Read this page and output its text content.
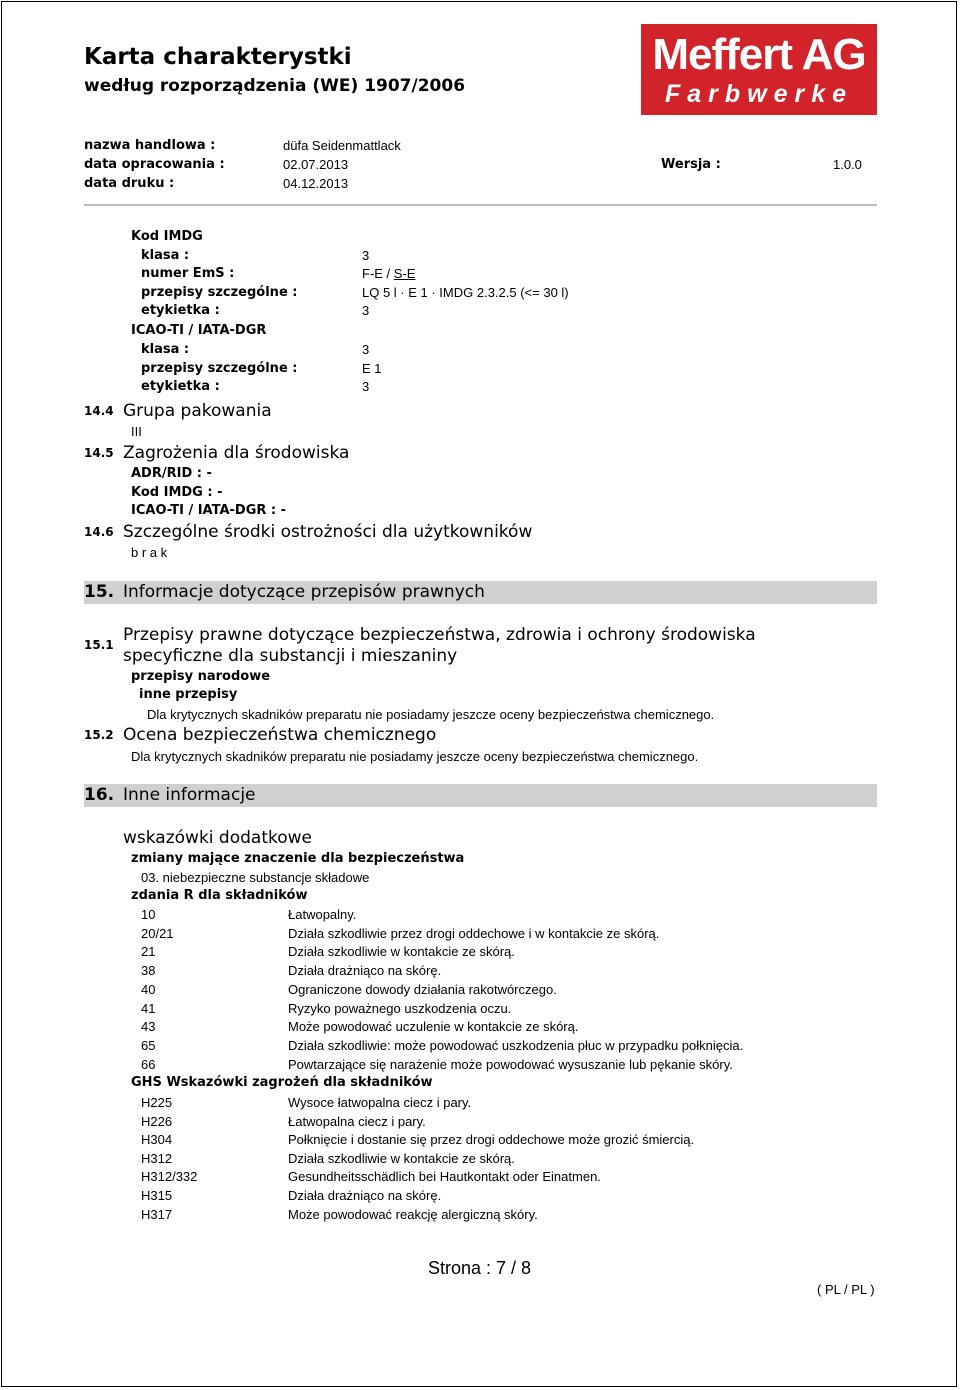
Karta charakterystki
według rozporządzenia (WE) 1907/2006
Meffert AG
Farbwerke
nazwa handlowa :	düfa Seidenmattlack
data opracowania :	02.07.2013	Wersja :	1.0.0
data druku :	04.12.2013
Kod IMDG
klasa :	3
numer EmS :	F-E / S-E
przepisy szczególne :	LQ 5 l · E 1 · IMDG 2.3.2.5 (<= 30 l)
etykietka :	3
ICAO-TI / IATA-DGR
klasa :	3
przepisy szczególne :	E 1
etykietka :	3
14.4 Grupa pakowania
III
14.5 Zagrożenia dla środowiska
ADR/RID : -
Kod IMDG : -
ICAO-TI / IATA-DGR : -
14.6 Szczególne środki ostrożności dla użytkowników
b r a k
15. Informacje dotyczące przepisów prawnych
15.1 Przepisy prawne dotyczące bezpieczeństwa, zdrowia i ochrony środowiska
specyficzne dla substancji i mieszaniny
przepisy narodowe
inne przepisy
Dla krytycznych skadników preparatu nie posiadamy jeszcze oceny bezpieczeństwa chemicznego.
15.2 Ocena bezpieczeństwa chemicznego
Dla krytycznych skadników preparatu nie posiadamy jeszcze oceny bezpieczeństwa chemicznego.
16. Inne informacje
wskazówki dodatkowe
zmiany mające znaczenie dla bezpieczeństwa
03. niebezpieczne substancje składowe
zdania R dla składników
10	Łatwopalny.
20/21	Działa szkodliwie przez drogi oddechowe i w kontakcie ze skórą.
21	Działa szkodliwie w kontakcie ze skórą.
38	Działa drażniąco na skórę.
40	Ograniczone dowody działania rakotwórczego.
41	Ryzyko poważnego uszkodzenia oczu.
43	Może powodować uczulenie w kontakcie ze skórą.
65	Działa szkodliwie: może powodować uszkodzenia płuc w przypadku połknięcia.
66	Powtarzające się narażenie może powodować wysuszanie lub pękanie skóry.
GHS Wskazówki zagrożeń dla składników
H225	Wysoce łatwopalna ciecz i pary.
H226	Łatwopalna ciecz i pary.
H304	Połknięcie i dostanie się przez drogi oddechowe może grozić śmiercią.
H312	Działa szkodliwie w kontakcie ze skórą.
H312/332	Gesundheitsschädlich bei Hautkontakt oder Einatmen.
H315	Działa drażniąco na skórę.
H317	Może powodować reakcję alergiczną skóry.
Strona : 7 / 8
( PL / PL )
